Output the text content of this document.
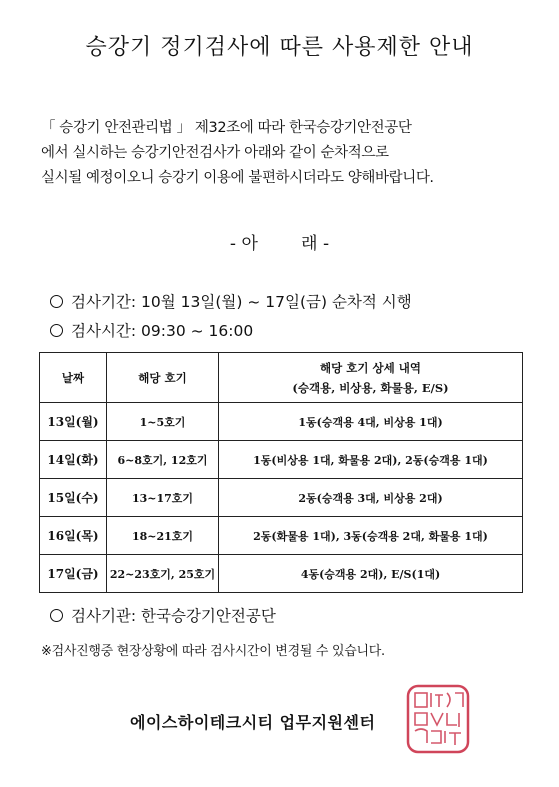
승강기 정기검사에 따른 사용제한 안내
「 승강기 안전관리법 」 제32조에 따라 한국승강기안전공단
에서 실시하는 승강기안전검사가 아래와 같이 순차적으로
실시될 예정이오니 승강기 이용에 불편하시더라도 양해바랍니다.
- 아        래 -
검사기간: 10월 13일(월) ~ 17일(금) 순차적 시행
검사시간: 09:30 ~ 16:00
날짜	해당 호기	해당 호기 상세 내역
(승객용, 비상용, 화물용, E/S)

13일(월)	1~5호기	1동(승객용 4대, 비상용 1대)
14일(화)	6~8호기, 12호기	1동(비상용 1대, 화물용 2대), 2동(승객용 1대)
15일(수)	13~17호기	2동(승객용 3대, 비상용 2대)
16일(목)	18~21호기	2동(화물용 1대), 3동(승객용 2대, 화물용 1대)
17일(금)	22~23호기, 25호기	4동(승객용 2대), E/S(1대)
검사기관: 한국승강기안전공단
※검사진행중 현장상황에 따라 검사시간이 변경될 수 있습니다.
에이스하이테크시티 업무지원센터
